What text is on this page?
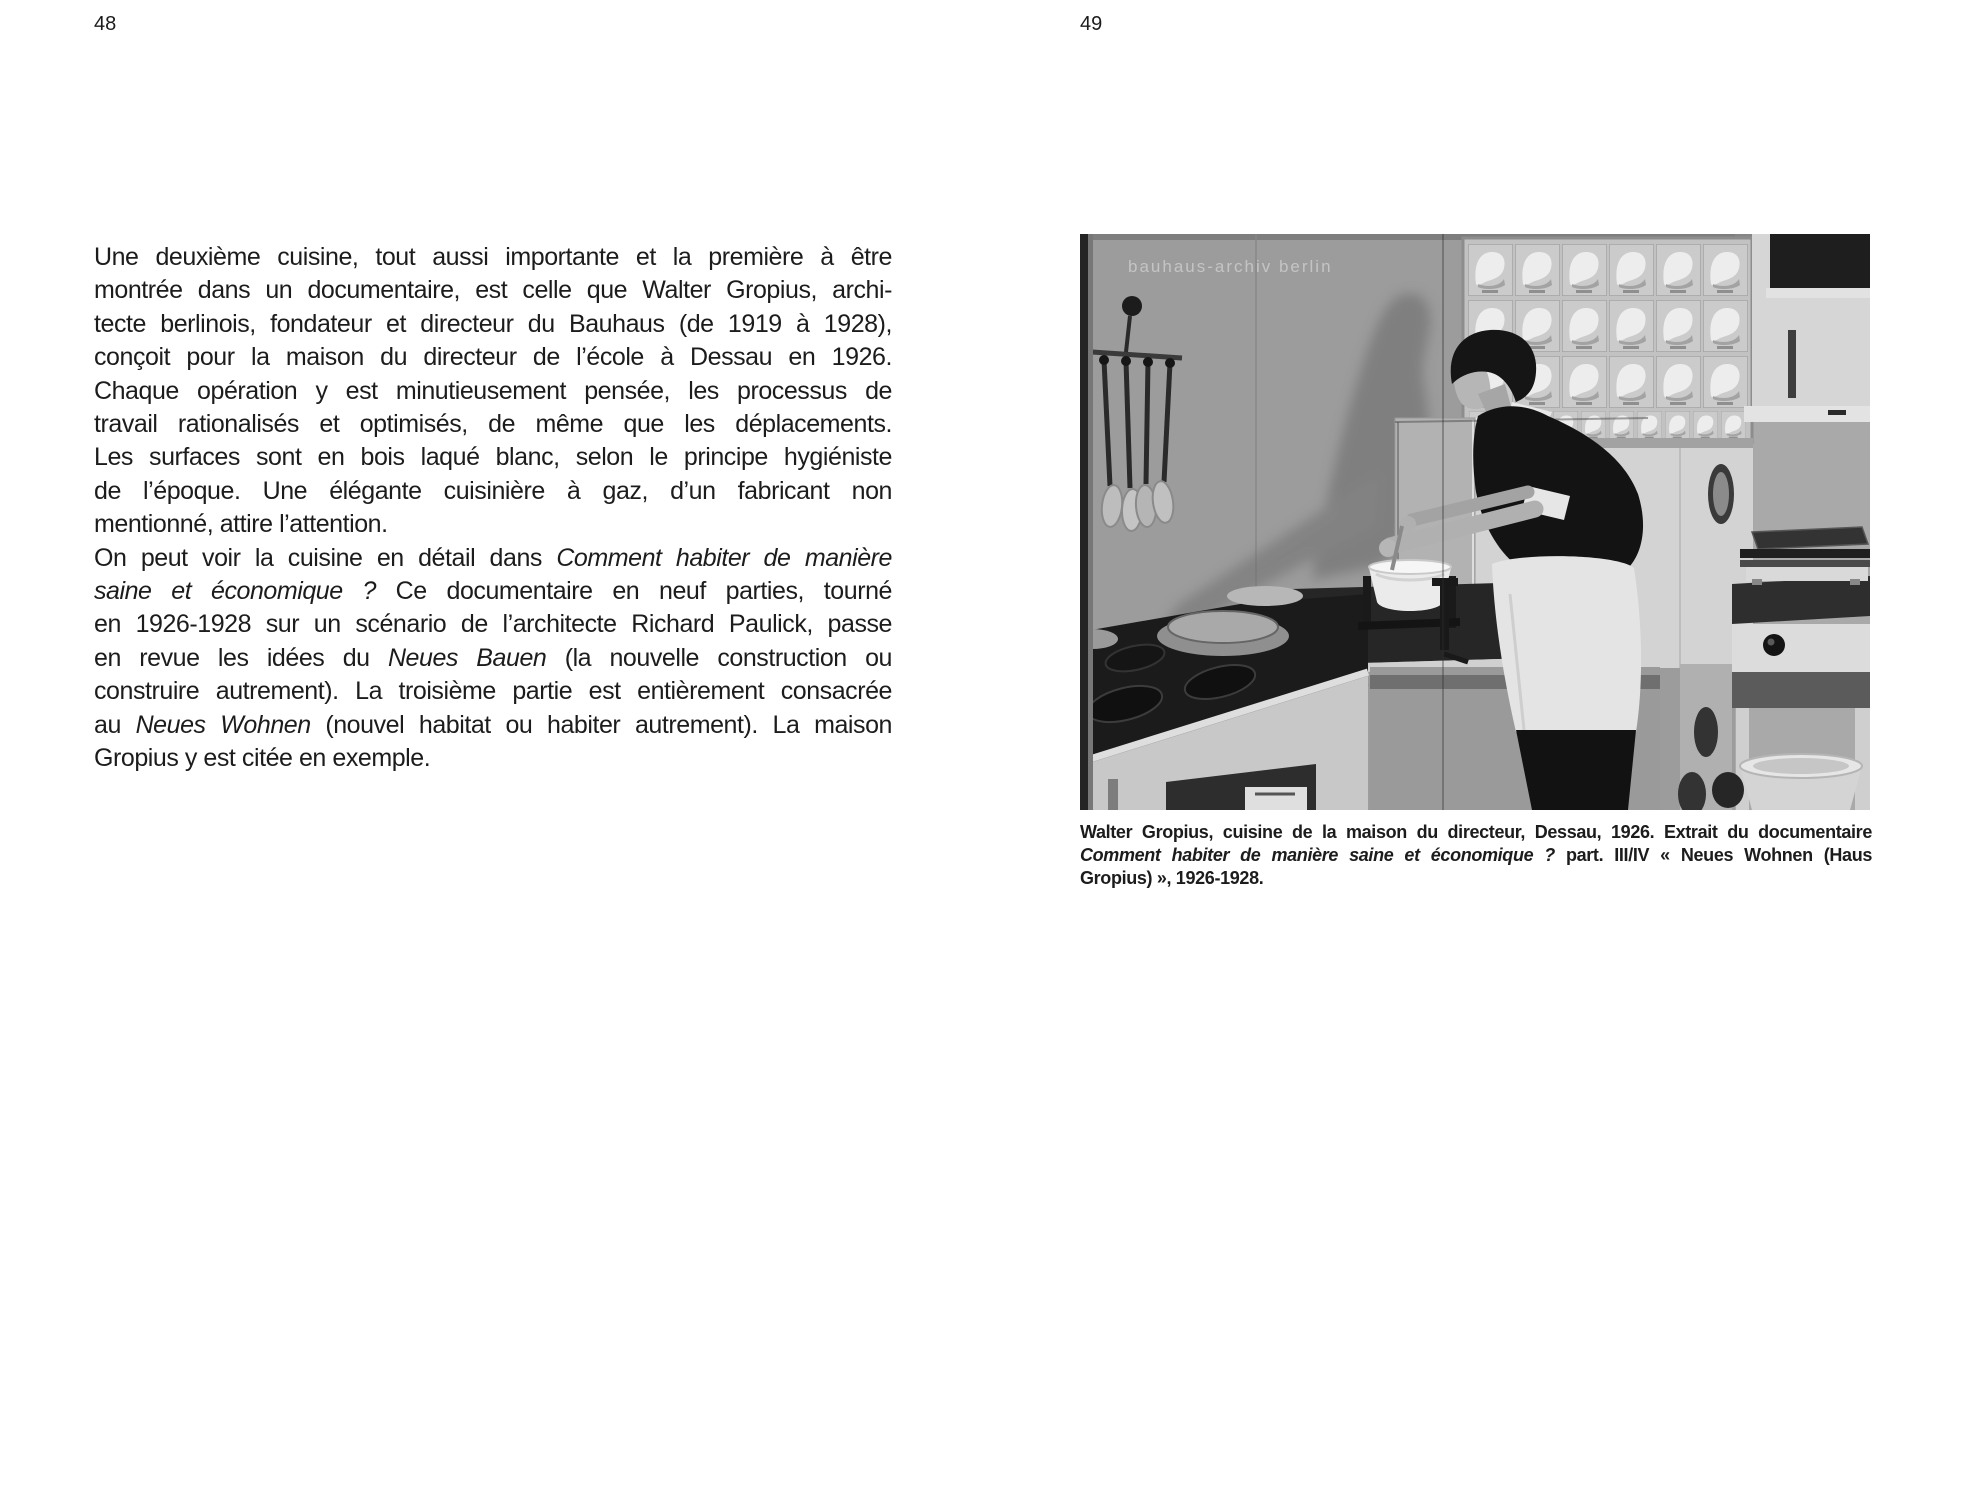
48
Une deuxième cuisine, tout aussi importante et la première à être
montrée dans un documentaire, est celle que Walter Gropius, archi-
tecte berlinois, fondateur et directeur du Bauhaus (de 1919 à 1928),
conçoit pour la maison du directeur de l’école à Dessau en 1926.
Chaque opération y est minutieusement pensée, les processus de
travail rationalisés et optimisés, de même que les déplacements.
Les surfaces sont en bois laqué blanc, selon le principe hygiéniste
de l’époque. Une élégante cuisinière à gaz, d’un fabricant non
mentionné, attire l’attention.
On peut voir la cuisine en détail dans Comment habiter de manière
saine et économique ? Ce documentaire en neuf parties, tourné
en 1926-1928 sur un scénario de l’architecte Richard Paulick, passe
en revue les idées du Neues Bauen (la nouvelle construction ou
construire autrement). La troisième partie est entièrement consacrée
au Neues Wohnen (nouvel habitat ou habiter autrement). La maison
Gropius y est citée en exemple.
49
bauhaus-archiv berlin
Walter Gropius, cuisine de la maison du directeur, Dessau, 1926. Extrait du documentaire
Comment habiter de manière saine et économique ? part. III/IV « Neues Wohnen (Haus
Gropius) », 1926-1928.
